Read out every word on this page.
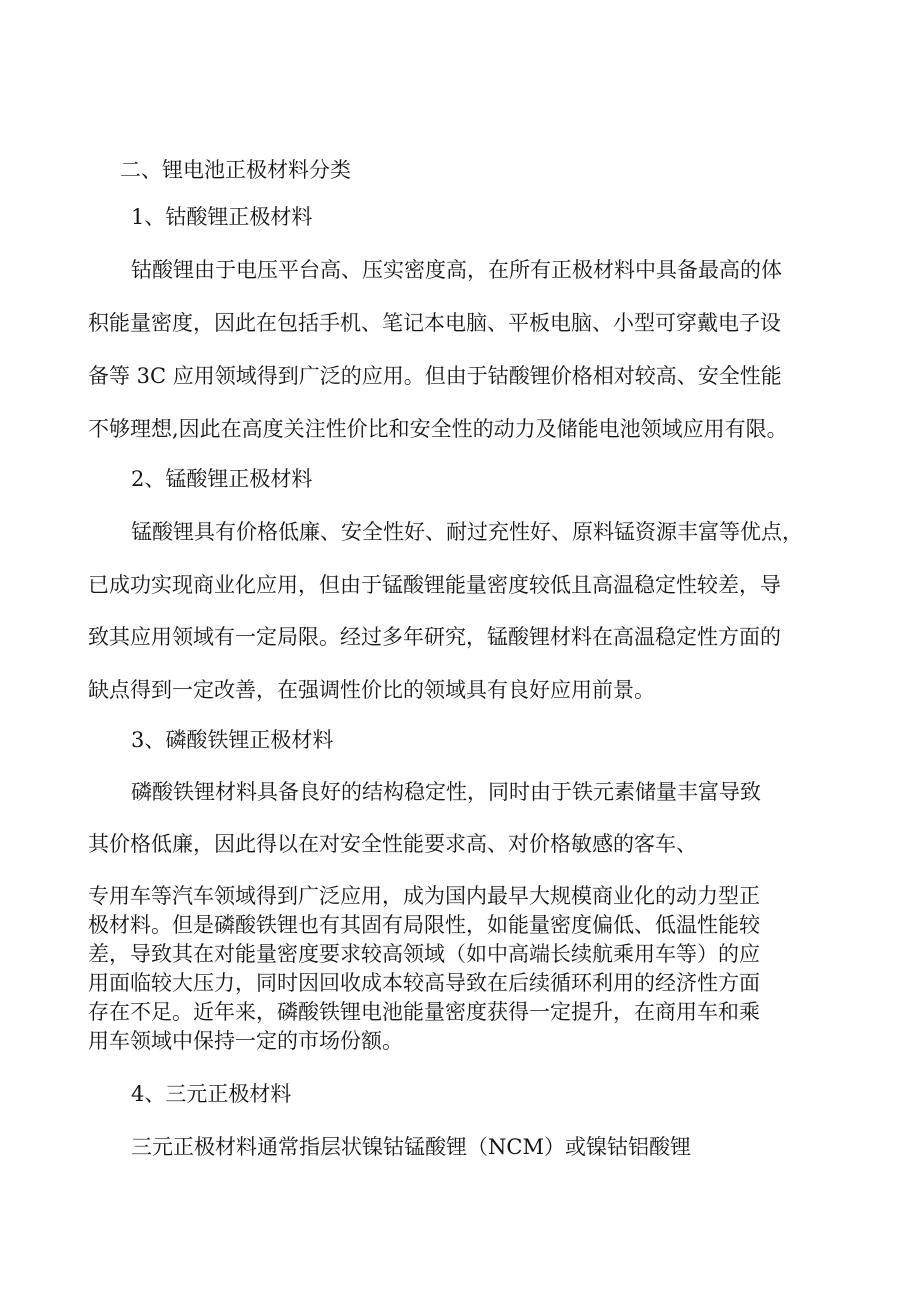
二、锂电池正极材料分类
1、钴酸锂正极材料
钴酸锂由于电压平台高、压实密度高，在所有正极材料中具备最高的体
积能量密度，因此在包括手机、笔记本电脑、平板电脑、小型可穿戴电子设
备等 3C 应用领域得到广泛的应用。但由于钴酸锂价格相对较高、安全性能
不够理想,因此在高度关注性价比和安全性的动力及储能电池领域应用有限。
2、锰酸锂正极材料
锰酸锂具有价格低廉、安全性好、耐过充性好、原料锰资源丰富等优点，
已成功实现商业化应用，但由于锰酸锂能量密度较低且高温稳定性较差，导
致其应用领域有一定局限。经过多年研究，锰酸锂材料在高温稳定性方面的
缺点得到一定改善，在强调性价比的领域具有良好应用前景。
3、磷酸铁锂正极材料
磷酸铁锂材料具备良好的结构稳定性，同时由于铁元素储量丰富导致
其价格低廉，因此得以在对安全性能要求高、对价格敏感的客车、
专用车等汽车领域得到广泛应用，成为国内最早大规模商业化的动力型正
极材料。但是磷酸铁锂也有其固有局限性，如能量密度偏低、低温性能较
差，导致其在对能量密度要求较高领域（如中高端长续航乘用车等）的应
用面临较大压力，同时因回收成本较高导致在后续循环利用的经济性方面
存在不足。近年来，磷酸铁锂电池能量密度获得一定提升，在商用车和乘
用车领域中保持一定的市场份额。
4、三元正极材料
三元正极材料通常指层状镍钴锰酸锂（NCM）或镍钴铝酸锂
